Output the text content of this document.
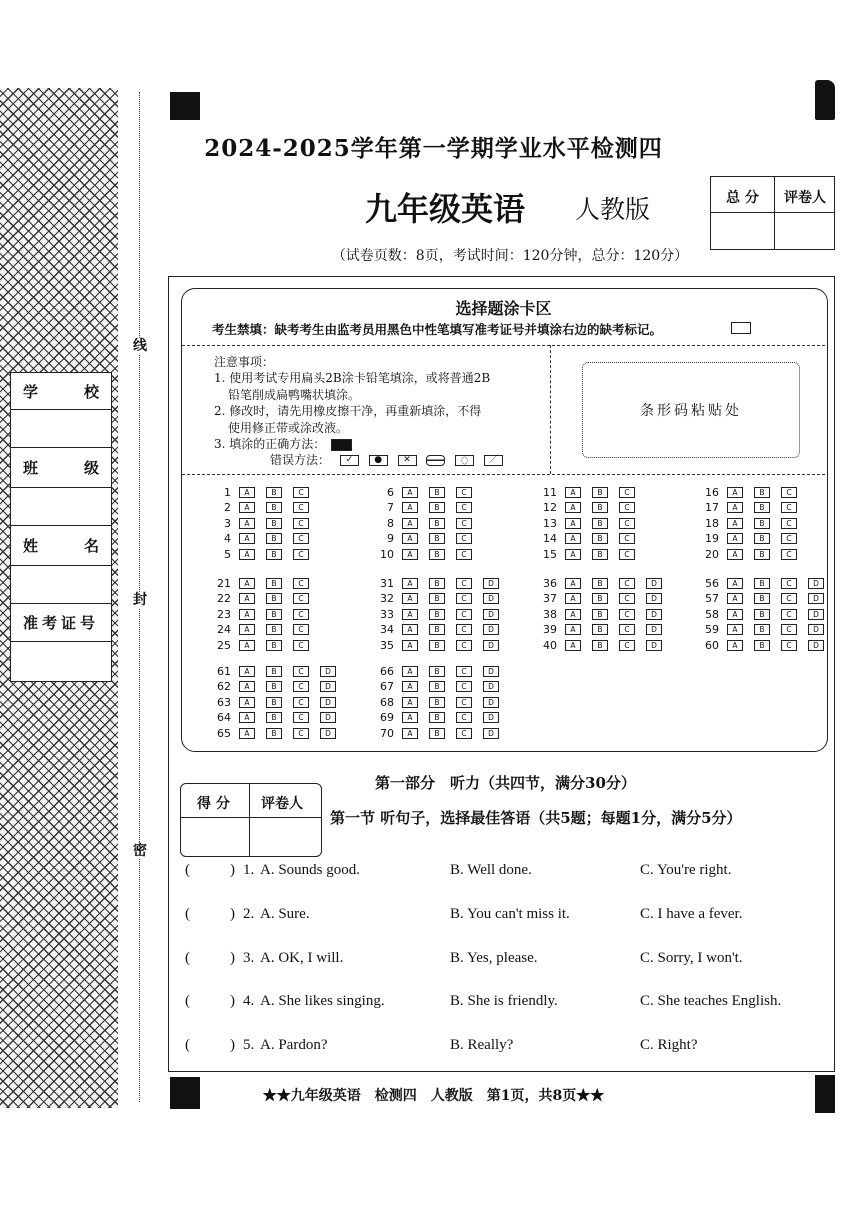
学	校
班	级
姓	名
准考证号
线
封
密
2024-2025学年第一学期学业水平检测四
九年级英语 人教版	总 分 评卷人
（试卷页数：8页，考试时间：120分钟，总分：120分）
选择题涂卡区
考生禁填：缺考考生由监考员用黑色中性笔填写准考证号并填涂右边的缺考标记。
注意事项：
1. 使用考试专用扁头2B涂卡铅笔填涂，或将普通2B
铅笔削成扁鸭嘴状填涂。
2. 修改时，请先用橡皮擦干净，再重新填涂，不得
使用修正带或涂改液。
3. 填涂的正确方法：
错误方法： ✓ ● ✕	／
条形码粘贴处
1	A	B	C
2	A	B	C
3	A	B	C
4	A	B	C
5	A	B	C
6	A	B	C
7	A	B	C
8	A	B	C
9	A	B	C
10	A	B	C
11	A	B	C
12	A	B	C
13	A	B	C
14	A	B	C
15	A	B	C
16	A	B	C
17	A	B	C
18	A	B	C
19	A	B	C
20	A	B	C
21	A	B	C
22	A	B	C
23	A	B	C
24	A	B	C
25	A	B	C
31	A	B	C	D
32	A	B	C	D
33	A	B	C	D
34	A	B	C	D
35	A	B	C	D
36	A	B	C	D
37	A	B	C	D
38	A	B	C	D
39	A	B	C	D
40	A	B	C	D
56	A	B	C	D
57	A	B	C	D
58	A	B	C	D
59	A	B	C	D
60	A	B	C	D
61	A	B	C	D
62	A	B	C	D
63	A	B	C	D
64	A	B	C	D
65	A	B	C	D
66	A	B	C	D
67	A	B	C	D
68	A	B	C	D
69	A	B	C	D
70	A	B	C	D
第一部分　听力（共四节，满分30分）
得 分 评卷人
第一节 听句子，选择最佳答语（共5题；每题1分，满分5分）
(	) 1. A. Sounds good.	B. Well done.	C. You're right.
(	) 2. A. Sure.	B. You can't miss it.	C. I have a fever.
(	) 3. A. OK, I will.	B. Yes, please.	C. Sorry, I won't.
(	) 4. A. She likes singing.	B. She is friendly.	C. She teaches English.
(	) 5. A. Pardon?	B. Really?	C. Right?
★★九年级英语　检测四　人教版　第1页，共8页★★
